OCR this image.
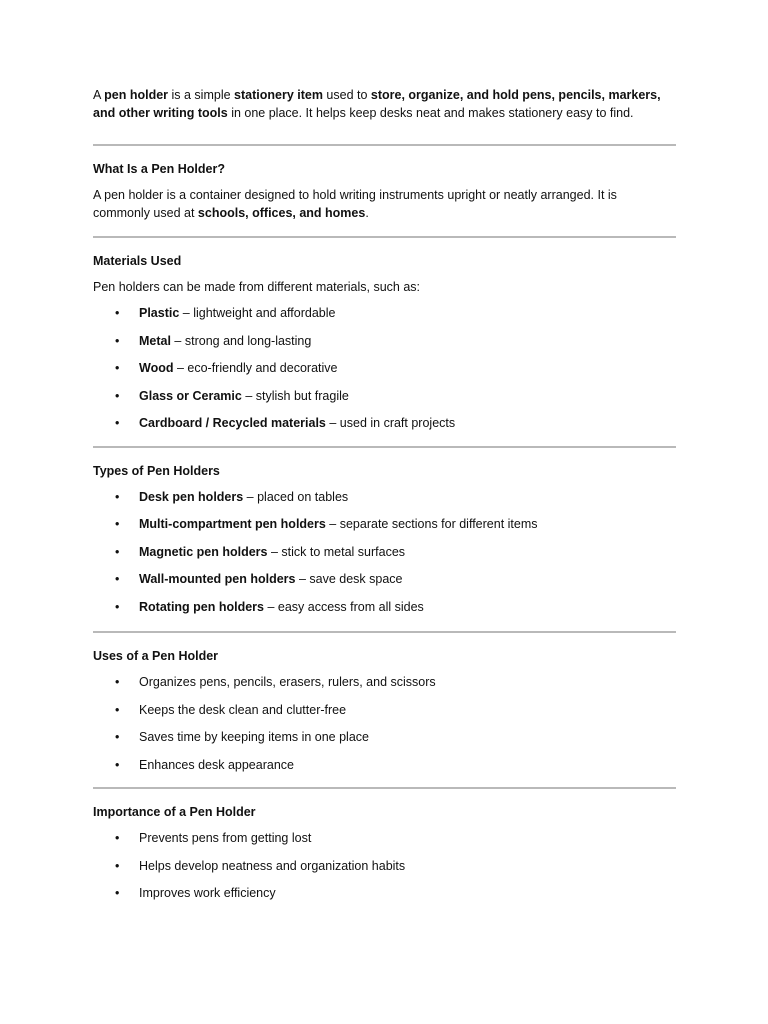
A pen holder is a simple stationery item used to store, organize, and hold pens, pencils, markers, and other writing tools in one place. It helps keep desks neat and makes stationery easy to find.

What Is a Pen Holder?

A pen holder is a container designed to hold writing instruments upright or neatly arranged. It is commonly used at schools, offices, and homes.

Materials Used

Pen holders can be made from different materials, such as:

• Plastic – lightweight and affordable
• Metal – strong and long-lasting
• Wood – eco-friendly and decorative
• Glass or Ceramic – stylish but fragile
• Cardboard / Recycled materials – used in craft projects
Types of Pen Holders
• Desk pen holders – placed on tables
• Multi-compartment pen holders – separate sections for different items
• Magnetic pen holders – stick to metal surfaces
• Wall-mounted pen holders – save desk space
• Rotating pen holders – easy access from all sides
Uses of a Pen Holder
• Organizes pens, pencils, erasers, rulers, and scissors
• Keeps the desk clean and clutter-free
• Saves time by keeping items in one place
• Enhances desk appearance
Importance of a Pen Holder
• Prevents pens from getting lost
• Helps develop neatness and organization habits
• Improves work efficiency
